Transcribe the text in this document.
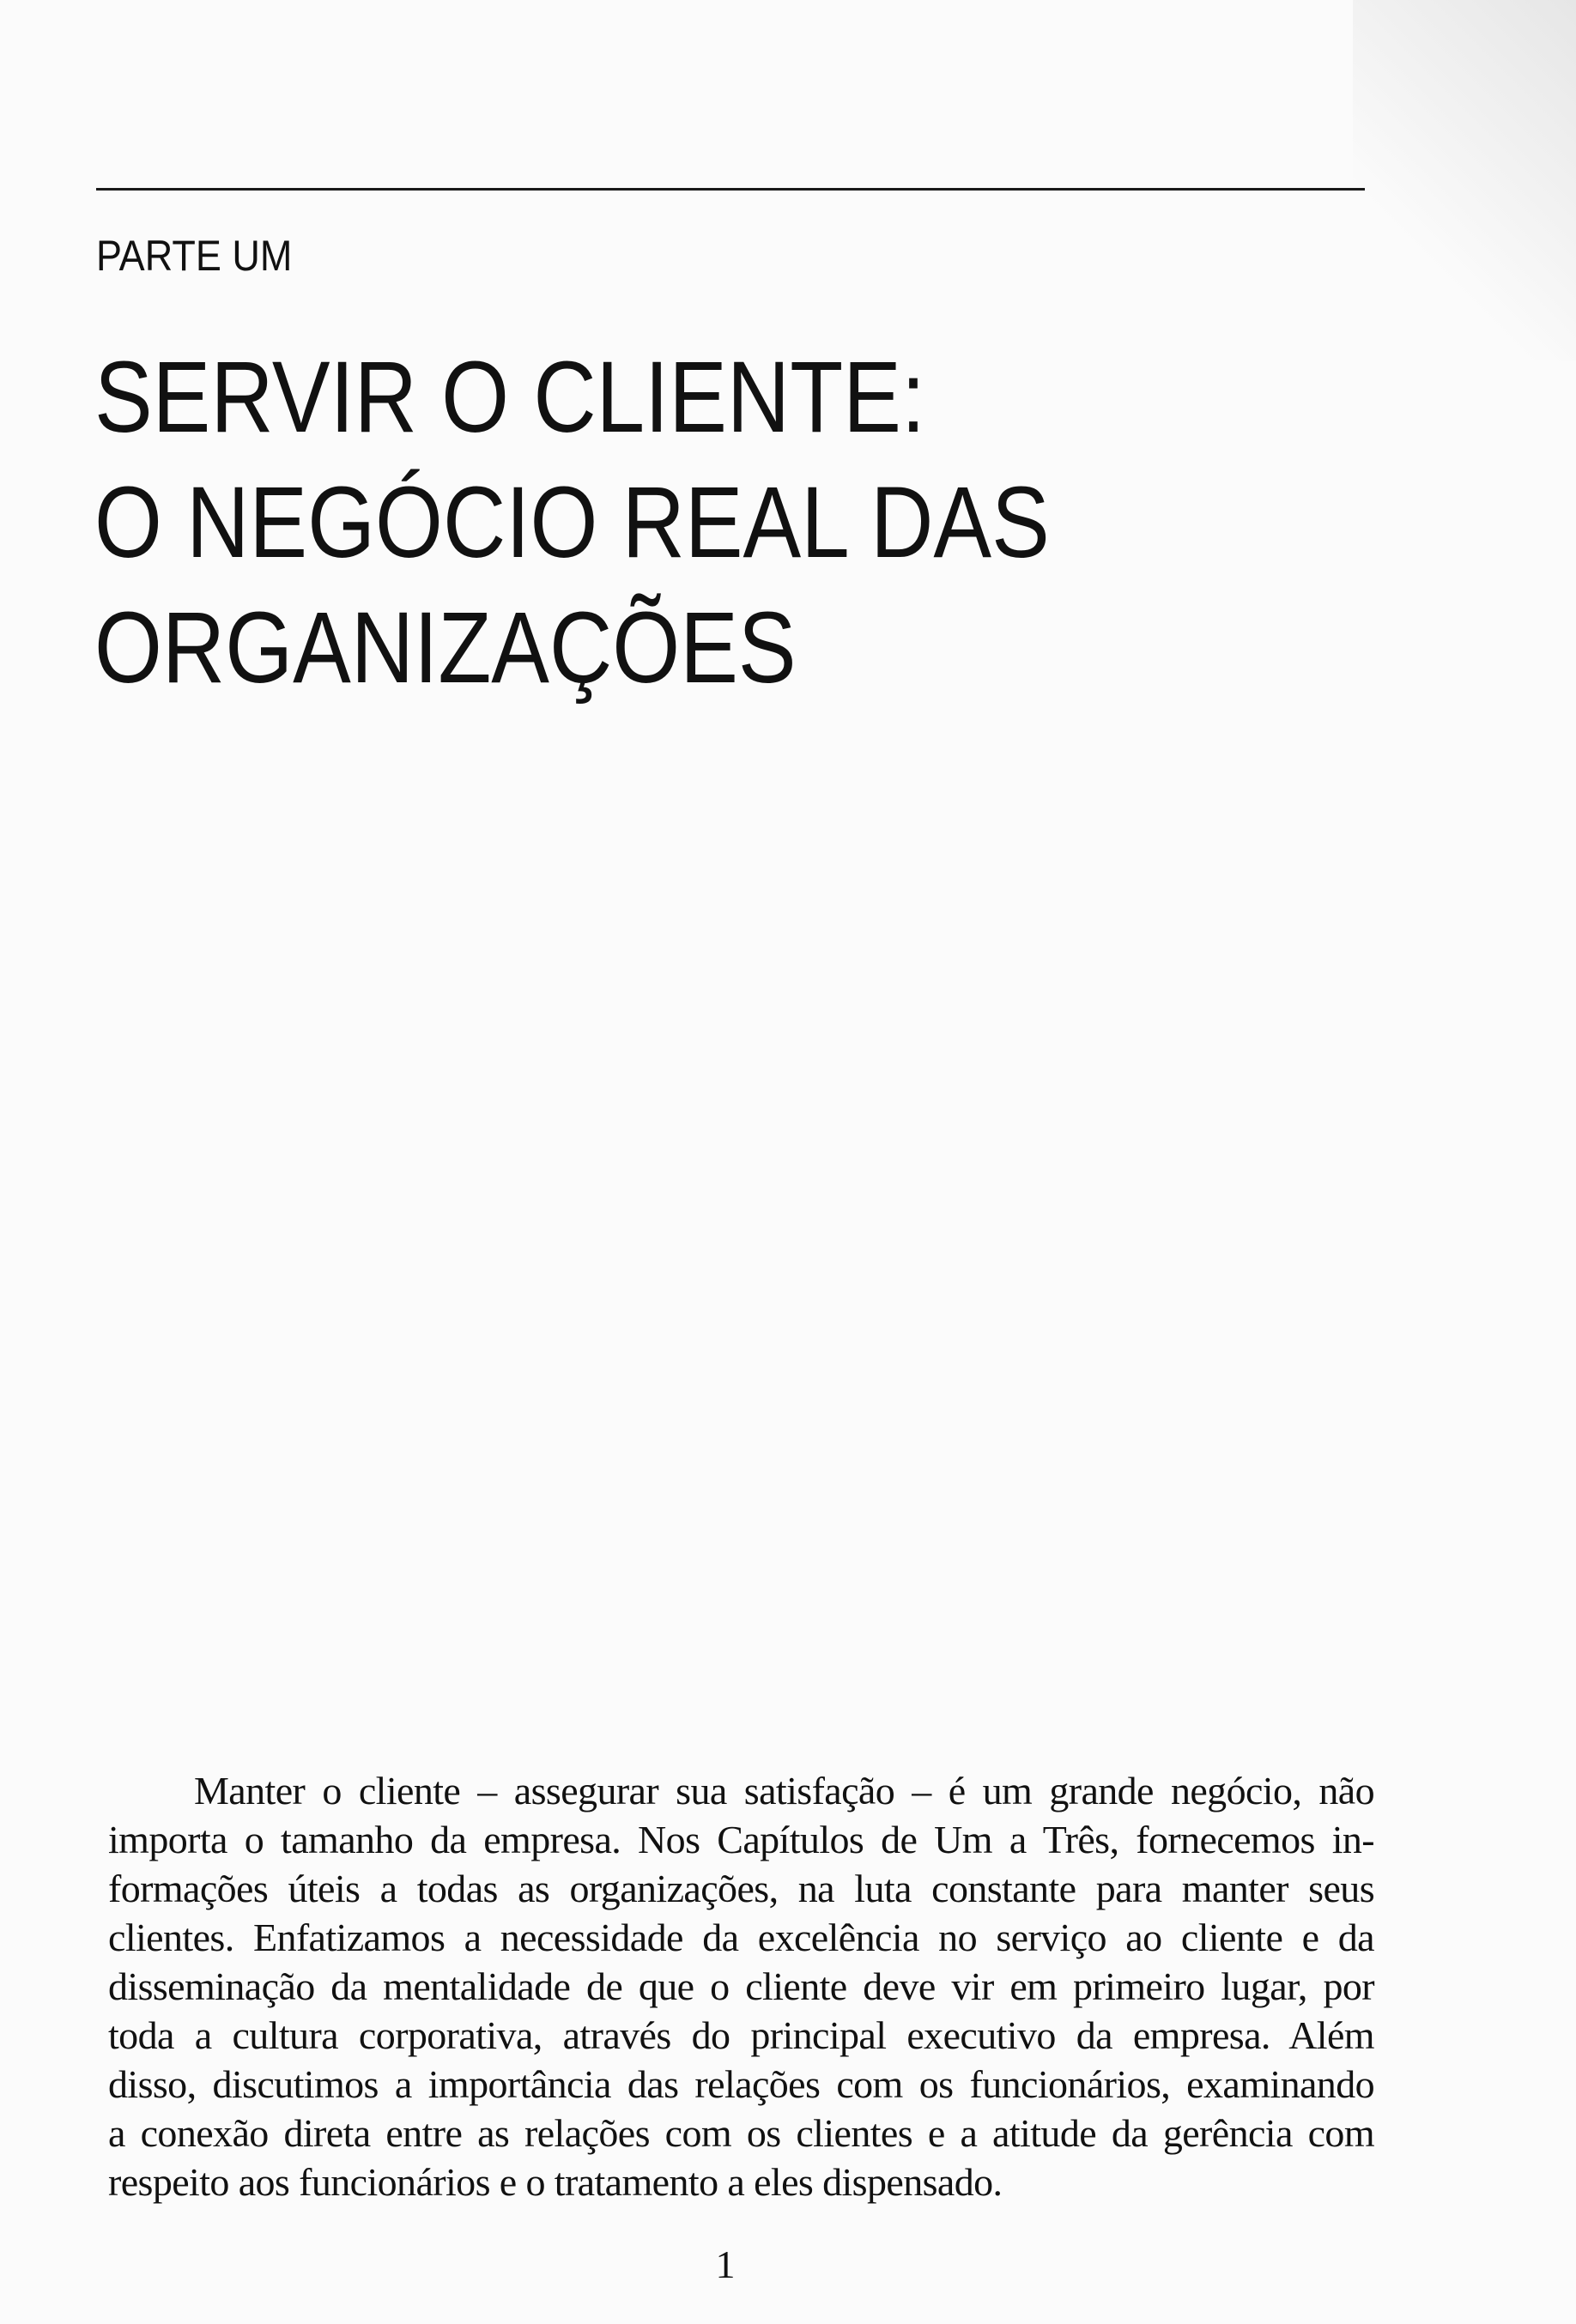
PARTE UM
SERVIR O CLIENTE:
O NEGÓCIO REAL DAS
ORGANIZAÇÕES
Manter o cliente – assegurar sua satisfação – é um grande negócio, não
importa o tamanho da empresa. Nos Capítulos de Um a Três, fornecemos in-
formações úteis a todas as organizações, na luta constante para manter seus
clientes. Enfatizamos a necessidade da excelência no serviço ao cliente e da
disseminação da mentalidade de que o cliente deve vir em primeiro lugar, por
toda a cultura corporativa, através do principal executivo da empresa. Além
disso, discutimos a importância das relações com os funcionários, examinando
a conexão direta entre as relações com os clientes e a atitude da gerência com
respeito aos funcionários e o tratamento a eles dispensado.
1
